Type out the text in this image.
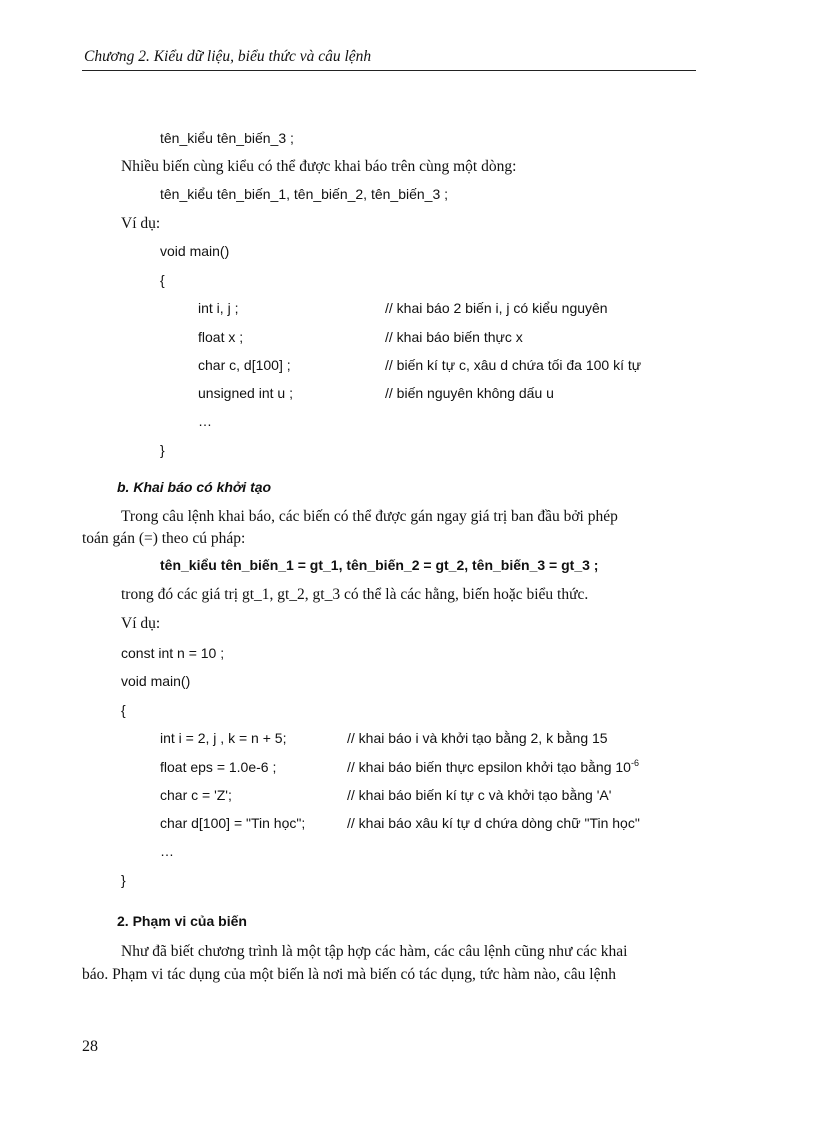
Chương 2. Kiểu dữ liệu, biểu thức và câu lệnh
tên_kiểu tên_biến_3 ;
Nhiều biến cùng kiểu có thể được khai báo trên cùng một dòng:
tên_kiểu tên_biến_1, tên_biến_2, tên_biến_3 ;
Ví dụ:
void main()
{
int i, j ;	// khai báo 2 biến i, j có kiểu nguyên
float x ;	// khai báo biến thực x
char c, d[100] ;	// biến kí tự c, xâu d chứa tối đa 100 kí tự
unsigned int u ;	// biến nguyên không dấu u
…
}
b. Khai báo có khởi tạo
Trong câu lệnh khai báo, các biến có thể được gán ngay giá trị ban đầu bởi phép
toán gán (=) theo cú pháp:
tên_kiểu tên_biến_1 = gt_1, tên_biến_2 = gt_2, tên_biến_3 = gt_3 ;
trong đó các giá trị gt_1, gt_2, gt_3 có thể là các hằng, biến hoặc biểu thức.
Ví dụ:
const int n = 10 ;
void main()
{
int i = 2, j , k = n + 5;	// khai báo i và khởi tạo bằng 2, k bằng 15
float eps = 1.0e-6 ;	// khai báo biến thực epsilon khởi tạo bằng $10^{-6}$
char c = 'Z';	// khai báo biến kí tự c và khởi tạo bằng 'A'
char d[100] = "Tin học";	// khai báo xâu kí tự d chứa dòng chữ "Tin học"
…
}
2. Phạm vi của biến
Như đã biết chương trình là một tập hợp các hàm, các câu lệnh cũng như các khai
báo. Phạm vi tác dụng của một biến là nơi mà biến có tác dụng, tức hàm nào, câu lệnh
28
